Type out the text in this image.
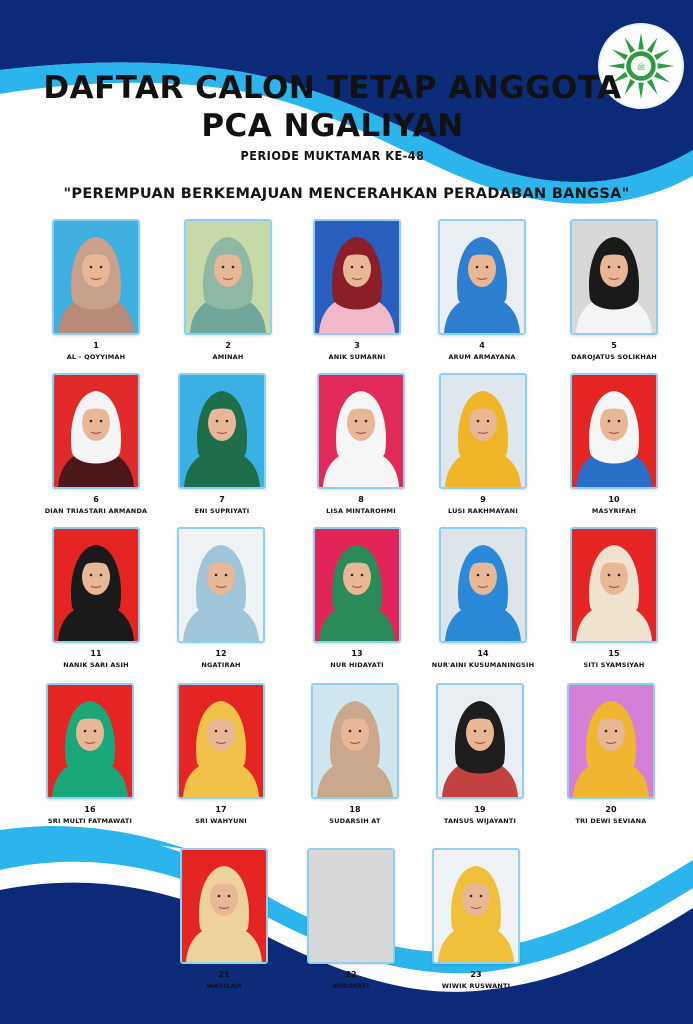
ﷺ
DAFTAR CALON TETAP ANGGOTA
PCA NGALIYAN
PERIODE MUKTAMAR KE-48
"PEREMPUAN BERKEMAJUAN MENCERAHKAN PERADABAN BANGSA"
1
AL - QOYYIMAH
2
AMINAH
3
ANIK SUMARNI
4
ARUM ARMAYANA
5
DAROJATUS SOLIKHAH
6
DIAN TRIASTARI ARMANDA
7
ENI SUPRIYATI
8
LISA MINTAROHMI
9
LUSI RAKHMAYANI
10
MASYRIFAH
11
NANIK SARI ASIH
12
NGATIRAH
13
NUR HIDAYATI
14
NUR'AINI KUSUMANINGSIH
15
SITI SYAMSIYAH
16
SRI MULTI FATMAWATI
17
SRI WAHYUNI
18
SUDARSIH AT
19
TANSUS WIJAYANTI
20
TRI DEWI SEVIANA
21
WASILAH
22
WIDAYATI
23
WIWIK RUSWANTI
